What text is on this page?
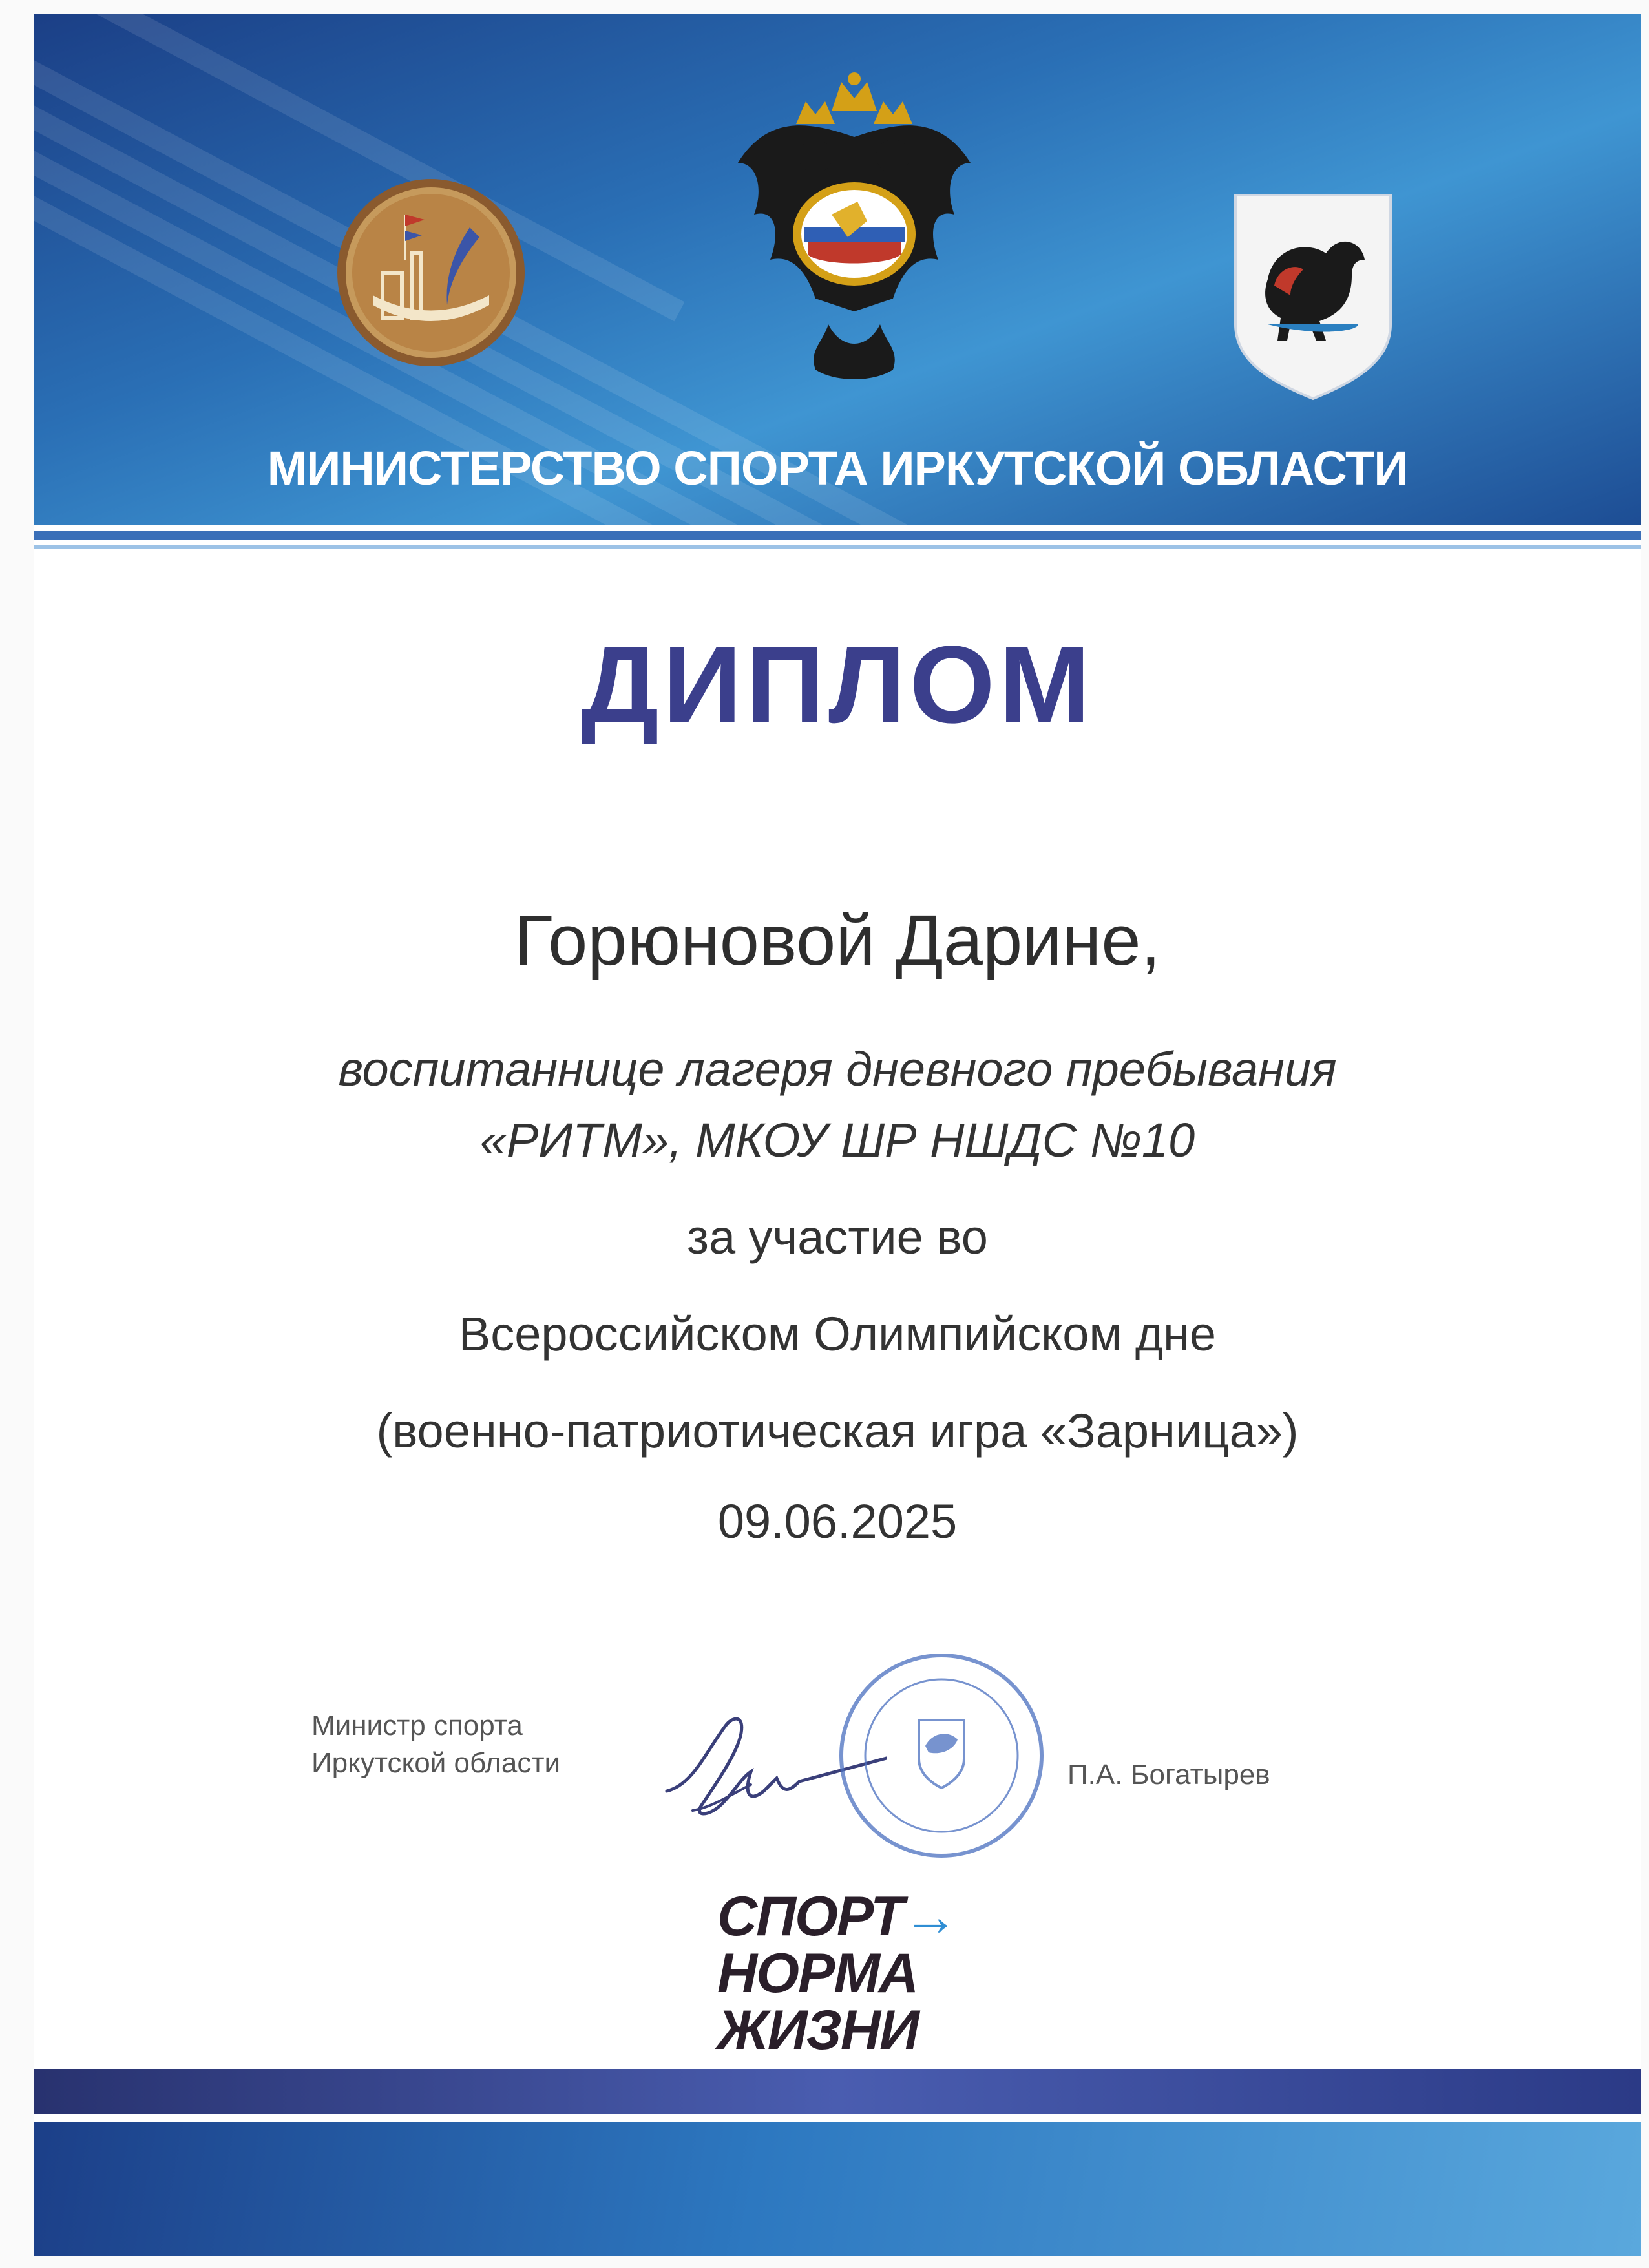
МИНИСТЕРСТВО СПОРТА ИРКУТСКОЙ ОБЛАСТИ
ДИПЛОМ
Горюновой Дарине,
воспитаннице лагеря дневного пребывания
«РИТМ», МКОУ ШР НШДС №10
за участие во
Всероссийском Олимпийском дне
(военно-патриотическая игра «Зарница»)
09.06.2025
Министр спорта
Иркутской области	П.А. Богатырев
СПОРТ→
НОРМА
ЖИЗНИ
